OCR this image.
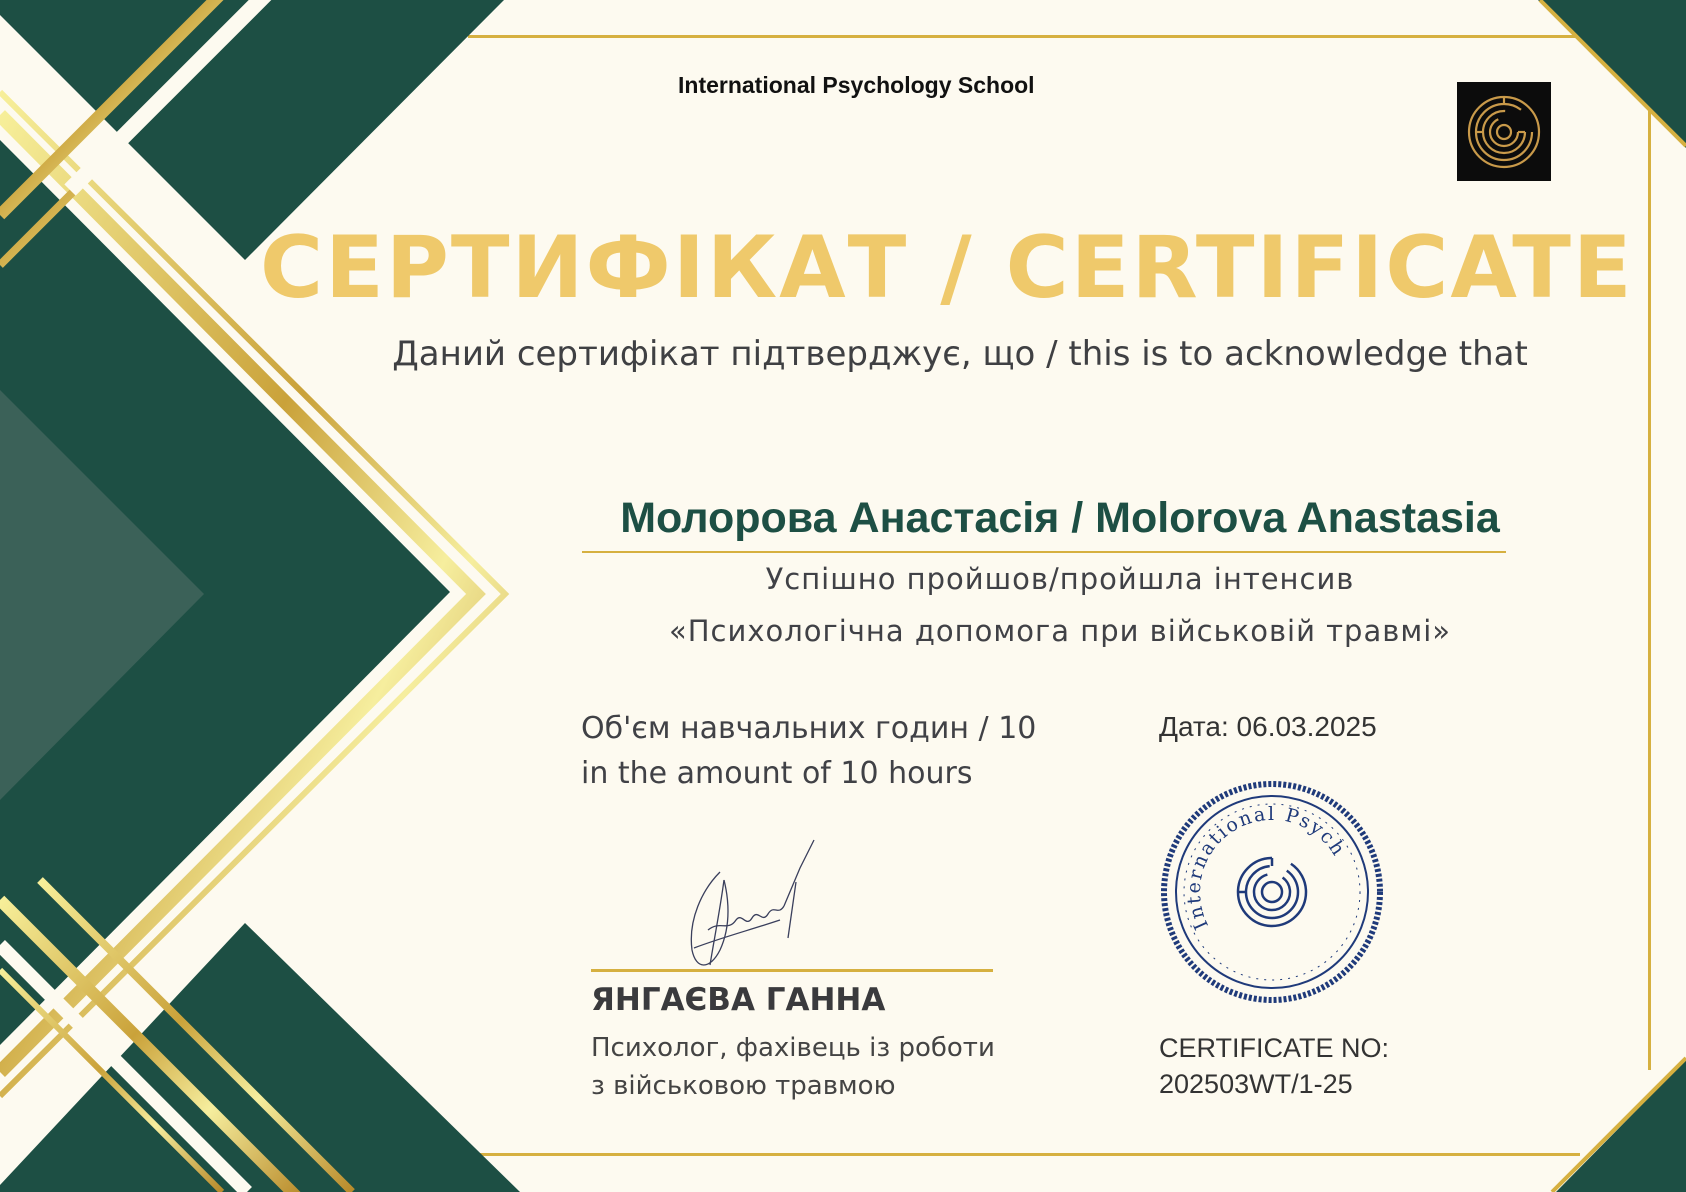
International Psychology School
СЕРТИФІКАТ / CERTIFICATE
Даний сертифікат підтверджує, що / this is to acknowledge that
Молорова Анастасія / Molorova Anastasia
Успішно пройшов/пройшла інтенсив
«Психологічна допомога при військовій травмі»
Об'єм навчальних годин / 10
in the amount of 10 hours
Дата: 06.03.2025
ЯНГАЄВА ГАННА
Психолог, фахівець із роботи
з військовою травмою
International Psychology
CERTIFICATE NO:
202503WT/1-25
